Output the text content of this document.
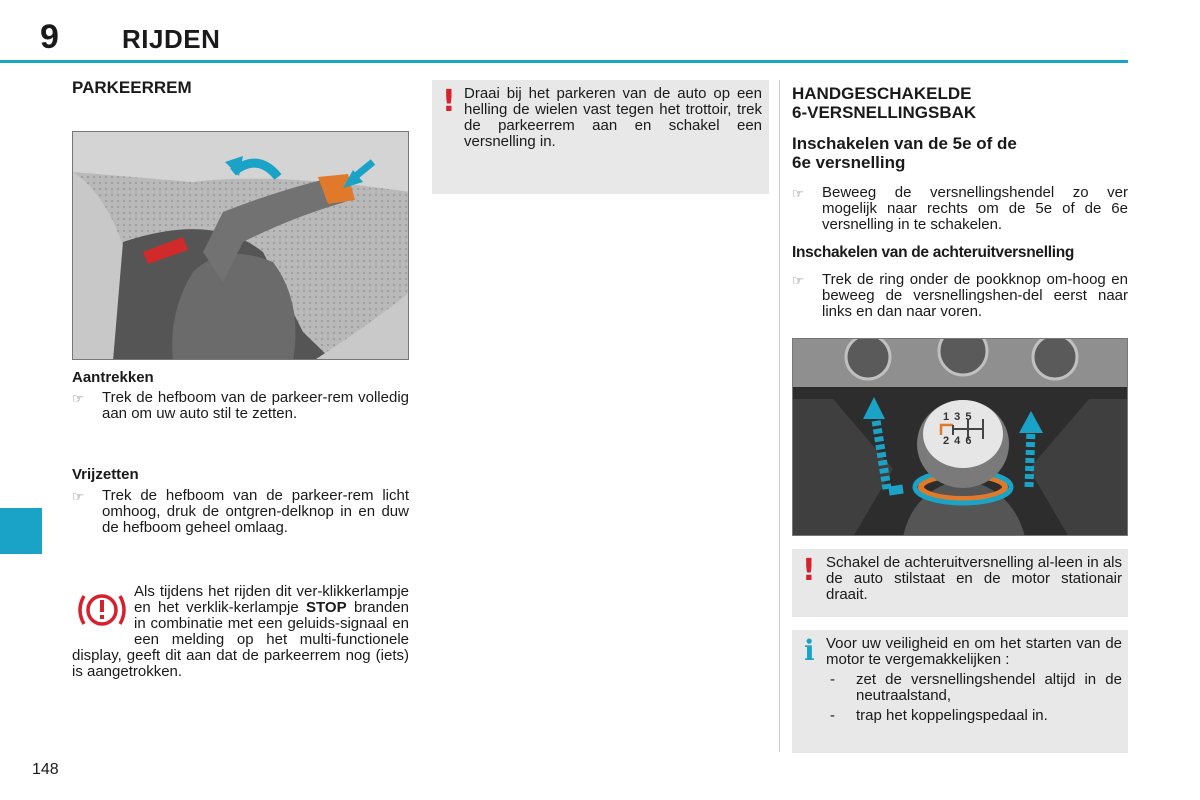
9 RIJDEN
PARKEERREM
Aantrekken
☞	Trek de hefboom van de parkeer-rem volledig aan om uw auto stil te zetten.
Vrijzetten
☞	Trek de hefboom van de parkeer-rem licht omhoog, druk de ontgren-delknop in en duw de hefboom geheel omlaag.
Als tijdens het rijden dit ver-klikkerlampje en het verklik-kerlampje STOP branden in combinatie met een geluids-signaal en een melding op het multi-functionele display, geeft dit aan dat de parkeerrem nog (iets) is aangetrokken.
! Draai bij het parkeren van de auto op een helling de wielen vast tegen het trottoir, trek de parkeerrem aan en schakel een versnelling in.
HANDGESCHAKELDE
6-VERSNELLINGSBAK
Inschakelen van de 5e of de
6e versnelling
☞	Beweeg de versnellingshendel zo ver mogelijk naar rechts om de 5e of de 6e versnelling in te schakelen.
Inschakelen van de achteruitversnelling
☞	Trek de ring onder de pookknop om-hoog en beweeg de versnellingshen-del eerst naar links en dan naar voren.
1 3 5
2 4 6
! Schakel de achteruitversnelling al-leen in als de auto stilstaat en de motor stationair draait.
i Voor uw veiligheid en om het starten van de motor te vergemakkelijken :
-	zet de versnellingshendel altijd in de neutraalstand,
-	trap het koppelingspedaal in.
148
